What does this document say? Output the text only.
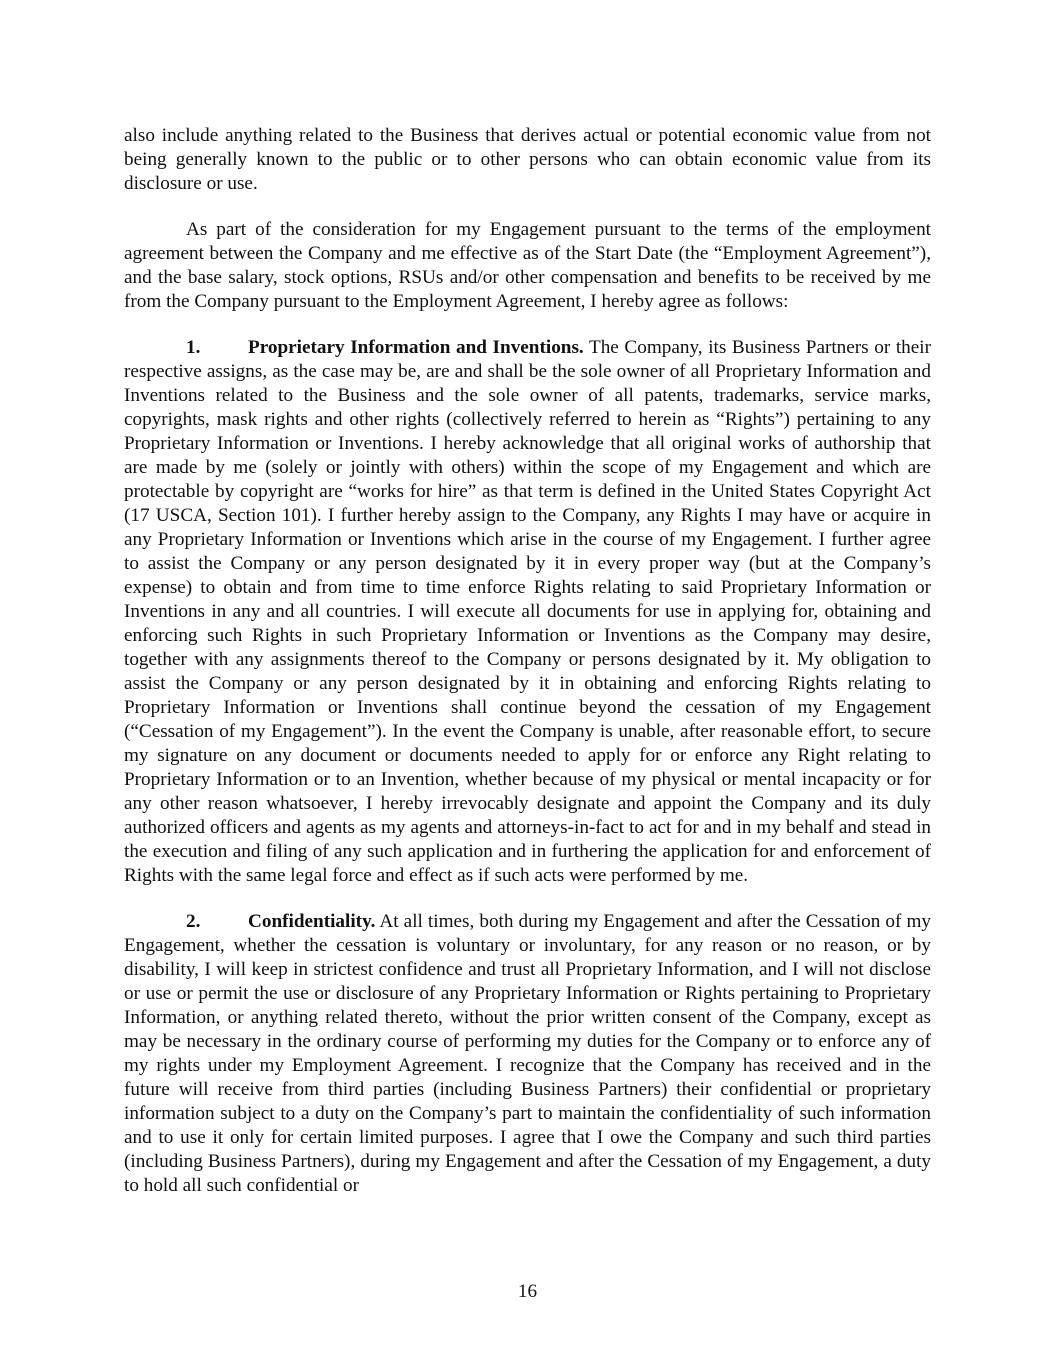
also include anything related to the Business that derives actual or potential economic value from not being generally known to the public or to other persons who can obtain economic value from its disclosure or use.

As part of the consideration for my Engagement pursuant to the terms of the employment agreement between the Company and me effective as of the Start Date (the “Employment Agreement”), and the base salary, stock options, RSUs and/or other compensation and benefits to be received by me from the Company pursuant to the Employment Agreement, I hereby agree as follows:

1. Proprietary Information and Inventions. The Company, its Business Partners or their respective assigns, as the case may be, are and shall be the sole owner of all Proprietary Information and Inventions related to the Business and the sole owner of all patents, trademarks, service marks, copyrights, mask rights and other rights (collectively referred to herein as “Rights”) pertaining to any Proprietary Information or Inventions. I hereby acknowledge that all original works of authorship that are made by me (solely or jointly with others) within the scope of my Engagement and which are protectable by copyright are “works for hire” as that term is defined in the United States Copyright Act (17 USCA, Section 101). I further hereby assign to the Company, any Rights I may have or acquire in any Proprietary Information or Inventions which arise in the course of my Engagement. I further agree to assist the Company or any person designated by it in every proper way (but at the Company’s expense) to obtain and from time to time enforce Rights relating to said Proprietary Information or Inventions in any and all countries. I will execute all documents for use in applying for, obtaining and enforcing such Rights in such Proprietary Information or Inventions as the Company may desire, together with any assignments thereof to the Company or persons designated by it. My obligation to assist the Company or any person designated by it in obtaining and enforcing Rights relating to Proprietary Information or Inventions shall continue beyond the cessation of my Engagement (“Cessation of my Engagement”). In the event the Company is unable, after reasonable effort, to secure my signature on any document or documents needed to apply for or enforce any Right relating to Proprietary Information or to an Invention, whether because of my physical or mental incapacity or for any other reason whatsoever, I hereby irrevocably designate and appoint the Company and its duly authorized officers and agents as my agents and attorneys-in-fact to act for and in my behalf and stead in the execution and filing of any such application and in furthering the application for and enforcement of Rights with the same legal force and effect as if such acts were performed by me.

2. Confidentiality. At all times, both during my Engagement and after the Cessation of my Engagement, whether the cessation is voluntary or involuntary, for any reason or no reason, or by disability, I will keep in strictest confidence and trust all Proprietary Information, and I will not disclose or use or permit the use or disclosure of any Proprietary Information or Rights pertaining to Proprietary Information, or anything related thereto, without the prior written consent of the Company, except as may be necessary in the ordinary course of performing my duties for the Company or to enforce any of my rights under my Employment Agreement. I recognize that the Company has received and in the future will receive from third parties (including Business Partners) their confidential or proprietary information subject to a duty on the Company’s part to maintain the confidentiality of such information and to use it only for certain limited purposes. I agree that I owe the Company and such third parties (including Business Partners), during my Engagement and after the Cessation of my Engagement, a duty to hold all such confidential or

16
